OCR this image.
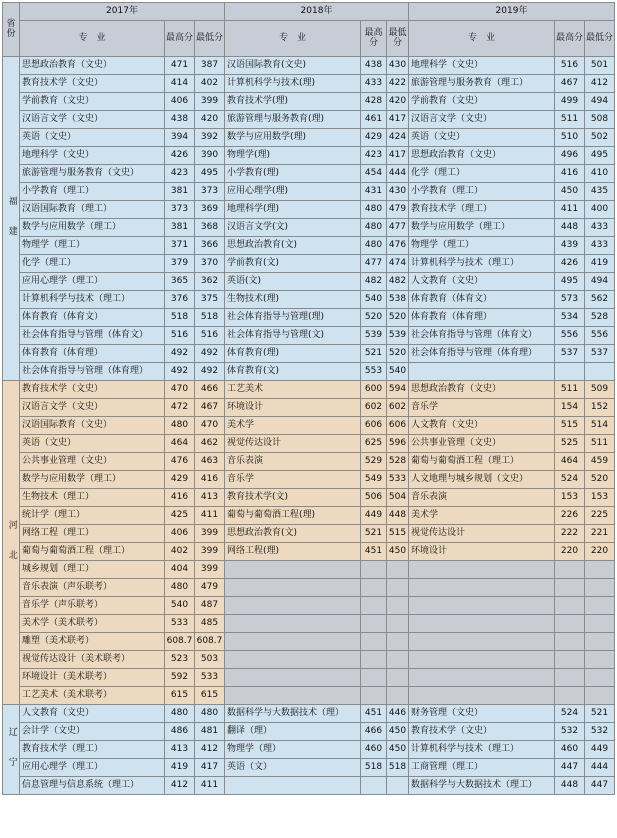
省份	2017年			2018年			2019年		
	专　业	最高分	最低分	专　业	最高分	最低分	专　业	最高分	最低分
福　建	思想政治教育（文史）	471	387	汉语国际教育(文史)	438	430	地理科学（文史）	516	501
	教育技术学（文史）	414	402	计算机科学与技术(理)	433	422	旅游管理与服务教育（理工）	467	412
	学前教育（文史）	406	399	教育技术学(理)	428	420	学前教育（文史）	499	494
	汉语言文学（文史）	438	420	旅游管理与服务教育(理)	461	417	汉语言文学（文史）	511	508
	英语（文史）	394	392	数学与应用数学(理)	429	424	英语（文史）	510	502
	地理科学（文史）	426	390	物理学(理)	423	417	思想政治教育（文史）	496	495
	旅游管理与服务教育（文史）	423	495	小学教育(理)	454	444	化学（理工）	416	410
	小学教育（理工）	381	373	应用心理学(理)	431	430	小学教育（理工）	450	435
	汉语国际教育（理工）	373	369	地理科学(理)	480	479	教育技术学（理工）	411	400
	数学与应用数学（理工）	381	368	汉语言文学(文)	480	477	数学与应用数学（理工）	448	433
	物理学（理工）	371	366	思想政治教育(文)	480	476	物理学（理工）	439	433
	化学（理工）	379	370	学前教育(文)	477	474	计算机科学与技术（理工）	426	419
	应用心理学（理工）	365	362	英语(文)	482	482	人文教育（文史）	495	494
	计算机科学与技术（理工）	376	375	生物技术(理)	540	538	体育教育（体育文）	573	562
	体育教育（体育文）	518	518	社会体育指导与管理(理)	520	520	体育教育（体育理）	534	528
	社会体育指导与管理（体育文）	516	516	社会体育指导与管理(文)	539	539	社会体育指导与管理（体育文）	556	556
	体育教育（体育理）	492	492	体育教育(理)	521	520	社会体育指导与管理（体育理）	537	537
	社会体育指导与管理（体育理）	492	492	体育教育(文)	553	540			
河　北	教育技术学（文史）	470	466	工艺美术	600	594	思想政治教育（文史）	511	509
	汉语言文学（文史）	472	467	环境设计	602	602	音乐学	154	152
	汉语国际教育（文史）	480	470	美术学	606	606	人文教育（文史）	515	514
	英语（文史）	464	462	视觉传达设计	625	596	公共事业管理（文史）	525	511
	公共事业管理（文史）	476	463	音乐表演	529	528	葡萄与葡萄酒工程（理工）	464	459
	数学与应用数学（理工）	429	416	音乐学	549	533	人文地理与城乡规划（文史）	524	520
	生物技术（理工）	416	413	教育技术学(文)	506	504	音乐表演	153	153
	统计学（理工）	425	411	葡萄与葡萄酒工程(理)	449	448	美术学	226	225
	网络工程（理工）	406	399	思想政治教育(文)	521	515	视觉传达设计	222	221
	葡萄与葡萄酒工程（理工）	402	399	网络工程(理)	451	450	环境设计	220	220
	城乡规划（理工）	404	399						
	音乐表演（声乐联考）	480	479						
	音乐学（声乐联考）	540	487						
	美术学（美术联考）	533	485						
	雕塑（美术联考）	608.7	608.7						
	视觉传达设计（美术联考）	523	503						
	环境设计（美术联考）	592	533						
	工艺美术（美术联考）	615	615						
辽　宁	人文教育（文史）	480	480	数据科学与大数据技术（理）	451	446	财务管理（文史）	524	521
	会计学（文史）	486	481	翻译（理）	466	450	教育技术学（文史）	532	532
	教育技术学（理工）	413	412	物理学（理）	460	450	计算机科学与技术（理工）	460	449
	应用心理学（理工）	419	417	英语（文）	518	518	工商管理（理工）	447	444
	信息管理与信息系统（理工）	412	411				数据科学与大数据技术（理工）	448	447
